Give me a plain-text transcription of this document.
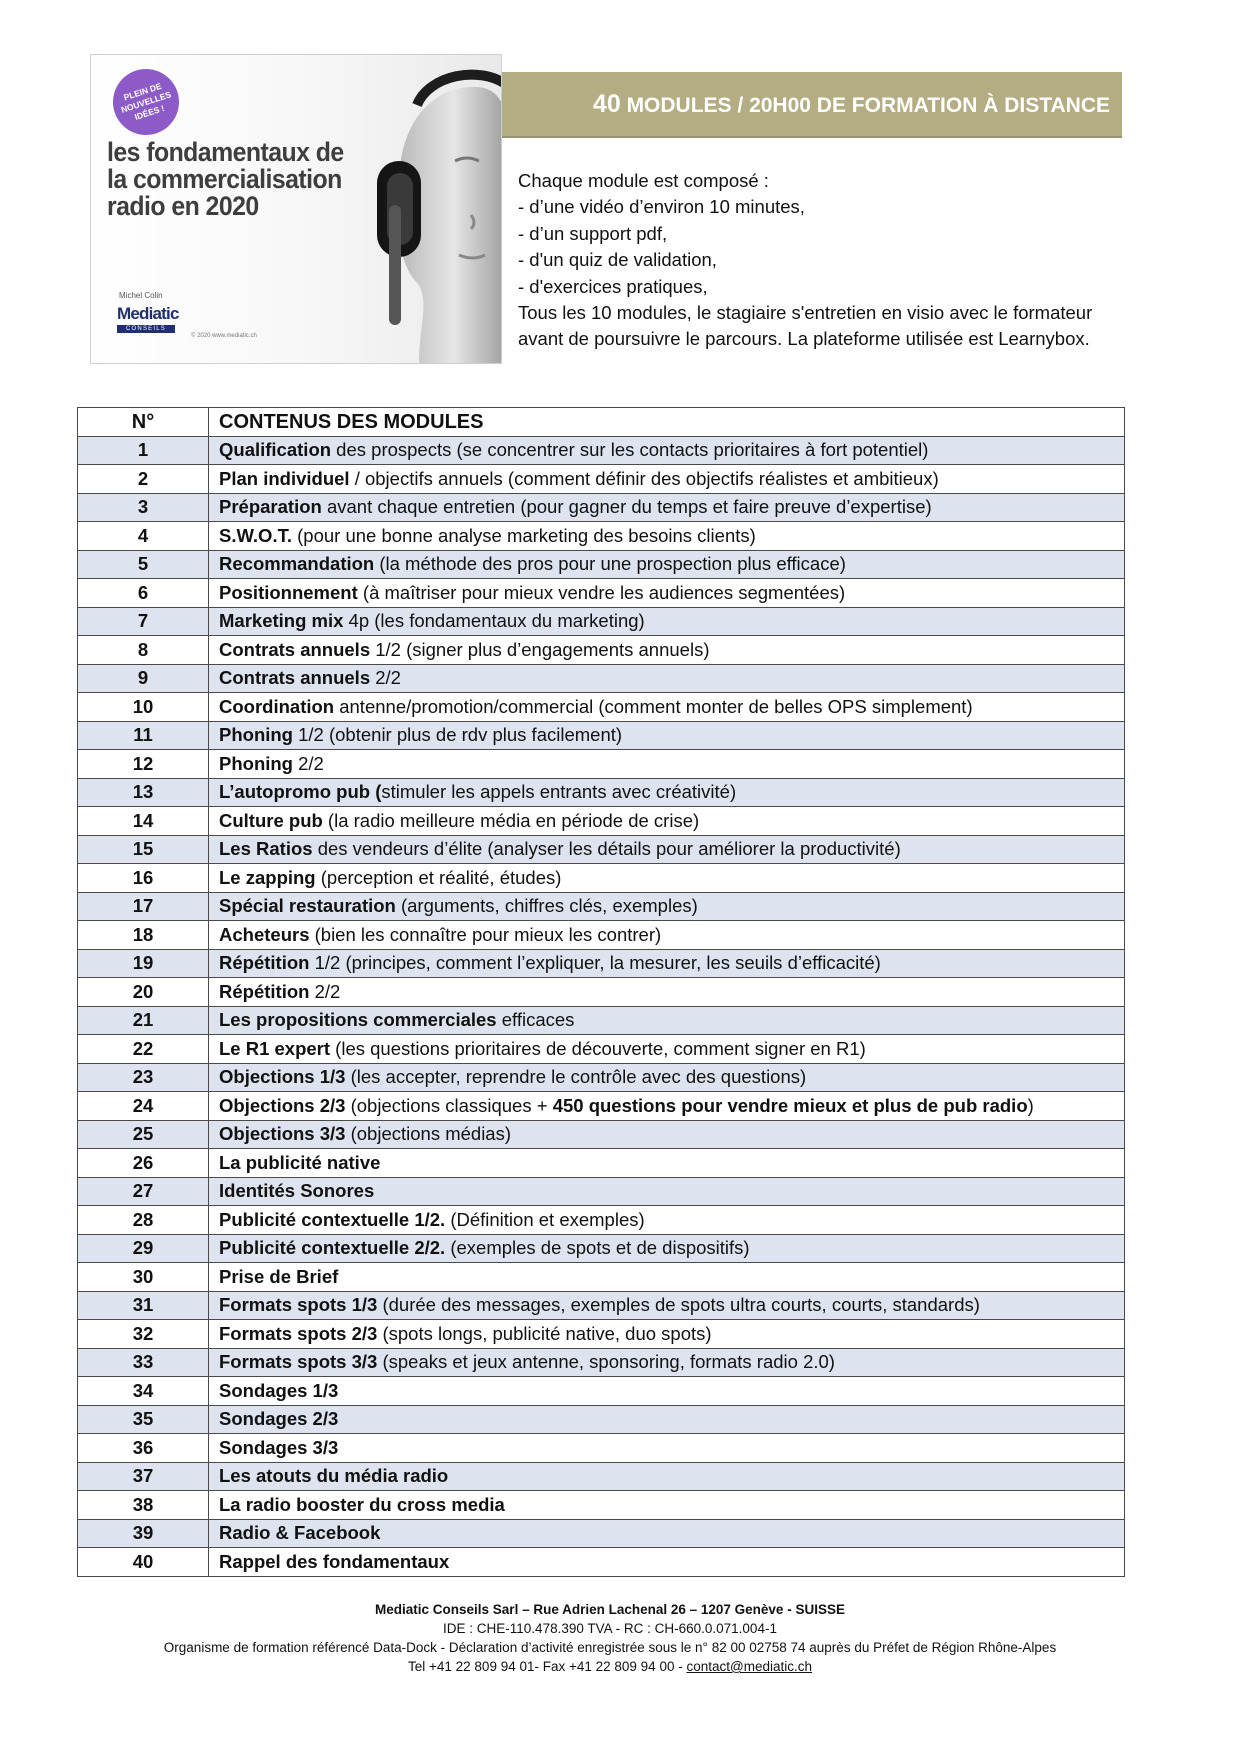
PLEIN DE
NOUVELLES
IDÉES !
les fondamentaux de
la commercialisation
radio en 2020
Michel Colin
Mediatic
CONSEILS
© 2020 www.mediatic.ch
40 MODULES / 20H00 DE FORMATION À DISTANCE
Chaque module est composé :
- d’une vidéo d’environ 10 minutes,
- d’un support pdf,
- d'un quiz de validation,
- d'exercices pratiques,
Tous les 10 modules, le stagiaire s'entretien en visio avec le formateur
avant de poursuivre le parcours. La plateforme utilisée est Learnybox.
N°	CONTENUS DES MODULES
1	Qualification des prospects (se concentrer sur les contacts prioritaires à fort potentiel)
2	Plan individuel / objectifs annuels (comment définir des objectifs réalistes et ambitieux)
3	Préparation avant chaque entretien (pour gagner du temps et faire preuve d’expertise)
4	S.W.O.T. (pour une bonne analyse marketing des besoins clients)
5	Recommandation (la méthode des pros pour une prospection plus efficace)
6	Positionnement (à maîtriser pour mieux vendre les audiences segmentées)
7	Marketing mix 4p (les fondamentaux du marketing)
8	Contrats annuels 1/2 (signer plus d’engagements annuels)
9	Contrats annuels 2/2
10	Coordination antenne/promotion/commercial (comment monter de belles OPS simplement)
11	Phoning 1/2 (obtenir plus de rdv plus facilement)
12	Phoning 2/2
13	L’autopromo pub (stimuler les appels entrants avec créativité)
14	Culture pub (la radio meilleure média en période de crise)
15	Les Ratios des vendeurs d’élite (analyser les détails pour améliorer la productivité)
16	Le zapping (perception et réalité, études)
17	Spécial restauration (arguments, chiffres clés, exemples)
18	Acheteurs (bien les connaître pour mieux les contrer)
19	Répétition 1/2 (principes, comment l’expliquer, la mesurer, les seuils d’efficacité)
20	Répétition 2/2
21	Les propositions commerciales efficaces
22	Le R1 expert (les questions prioritaires de découverte, comment signer en R1)
23	Objections 1/3 (les accepter, reprendre le contrôle avec des questions)
24	Objections 2/3 (objections classiques + 450 questions pour vendre mieux et plus de pub radio)
25	Objections 3/3 (objections médias)
26	La publicité native
27	Identités Sonores
28	Publicité contextuelle 1/2. (Définition et exemples)
29	Publicité contextuelle 2/2. (exemples de spots et de dispositifs)
30	Prise de Brief
31	Formats spots 1/3 (durée des messages, exemples de spots ultra courts, courts, standards)
32	Formats spots 2/3 (spots longs, publicité native, duo spots)
33	Formats spots 3/3 (speaks et jeux antenne, sponsoring, formats radio 2.0)
34	Sondages 1/3
35	Sondages 2/3
36	Sondages 3/3
37	Les atouts du média radio
38	La radio booster du cross media
39	Radio & Facebook
40	Rappel des fondamentaux
Mediatic Conseils Sarl – Rue Adrien Lachenal 26 – 1207 Genève - SUISSE
IDE : CHE-110.478.390 TVA - RC : CH-660.0.071.004-1
Organisme de formation référencé Data-Dock - Déclaration d’activité enregistrée sous le n° 82 00 02758 74 auprès du Préfet de Région Rhône-Alpes
Tel +41 22 809 94 01- Fax +41 22 809 94 00 - contact@mediatic.ch
